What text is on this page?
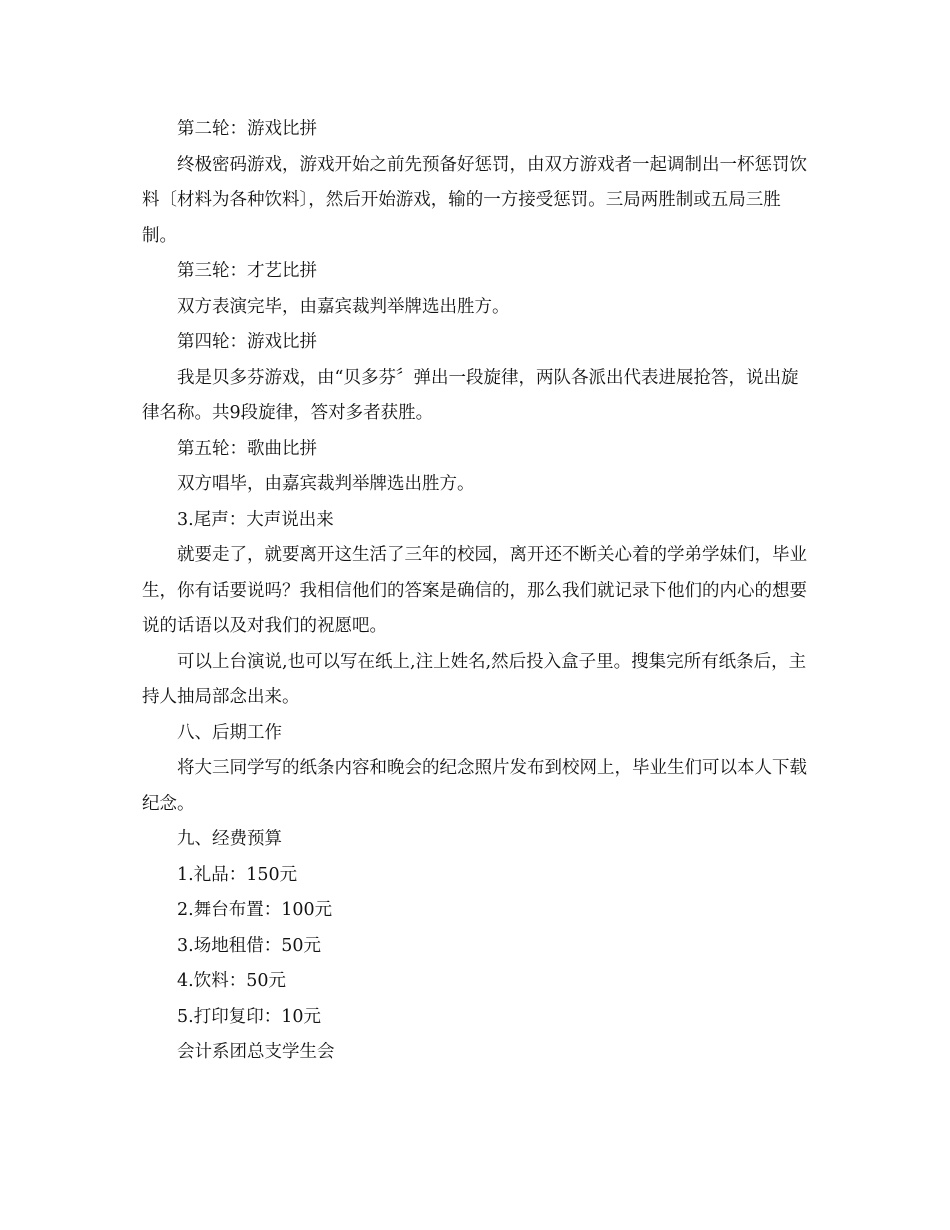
第二轮：游戏比拼

终极密码游戏，游戏开始之前先预备好惩罚，由双方游戏者一起调制出一杯惩罚饮料〔材料为各种饮料〕，然后开始游戏，输的一方接受惩罚。三局两胜制或五局三胜制。

第三轮：才艺比拼

双方表演完毕，由嘉宾裁判举牌选出胜方。

第四轮：游戏比拼

我是贝多芬游戏，由“贝多芬〞弹出一段旋律，两队各派出代表进展抢答，说出旋律名称。共9段旋律，答对多者获胜。

第五轮：歌曲比拼

双方唱毕，由嘉宾裁判举牌选出胜方。

3.尾声：大声说出来

就要走了，就要离开这生活了三年的校园，离开还不断关心着的学弟学妹们，毕业生，你有话要说吗？我相信他们的答案是确信的，那么我们就记录下他们的内心的想要说的话语以及对我们的祝愿吧。

可以上台演说,也可以写在纸上,注上姓名,然后投入盒子里。搜集完所有纸条后，主持人抽局部念出来。

八、后期工作

将大三同学写的纸条内容和晚会的纪念照片发布到校网上，毕业生们可以本人下载纪念。

九、经费预算

1.礼品：150元

2.舞台布置：100元

3.场地租借：50元

4.饮料：50元

5.打印复印：10元

会计系团总支学生会
